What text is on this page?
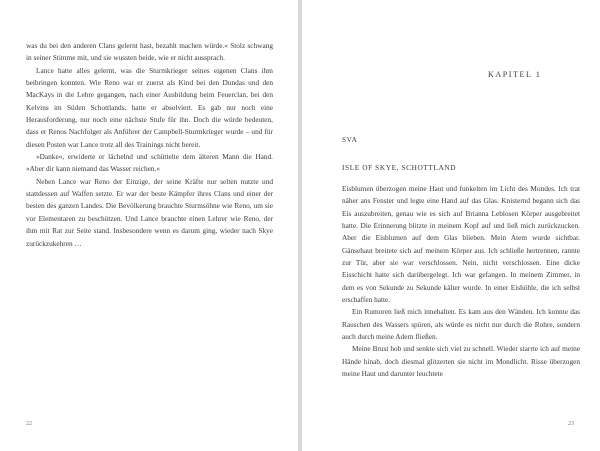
was du bei den anderen Clans gelernt hast, bezahlt machen würde.« Stolz schwang in seiner Stimme mit, und sie wussten beide, wie er nicht aussprach.

Lance hatte alles gelernt, was die Sturmkrieger seines eigenen Clans ihm beibringen konnten. Wie Reno war er zuerst als Kind bei den Dundas und den MacKays in die Lehre gegangen, nach einer Ausbildung beim Feuerclan, bei den Kelvins im Süden Schottlands, hatte er absolviert. Es gab nur noch eine Herausforderung, nur noch eine nächste Stufe für ihn. Doch die würde bedeuten, dass er Renos Nachfolger als Anführer der Campbell-Sturmkrieger wurde – und für diesen Posten war Lance trotz all des Trainings nicht bereit.

»Danke«, erwiderte er lächelnd und schüttelte dem älteren Mann die Hand. »Aber dir kann niemand das Wasser reichen.«

Neben Lance war Reno der Einzige, der seine Kräfte nur selten nutzte und stattdessen auf Waffen setzte. Er war der beste Kämpfer ihres Clans und einer der besten des ganzen Landes. Die Bevölkerung brauchte Sturmsöhne wie Reno, um sie vor Elementaren zu beschützen. Und Lance brauchte einen Lehrer wie Reno, der ihm mit Rat zur Seite stand. Insbesondere wenn es darum ging, wieder nach Skye zurückzukehren …

22
KAPITEL 1
SVA
ISLE OF SKYE, SCHOTTLAND

Eisblumen überzogen meine Haut und funkelten im Licht des Mondes. Ich trat näher ans Fenster und legte eine Hand auf das Glas. Knisternd begann sich das Eis auszubreiten, genau wie es sich auf Brianna Leblosen Körper ausgebreitet hatte. Die Erinnerung blitzte in meinem Kopf auf und ließ mich zurückzucken. Aber die Eisblumen auf dem Glas blieben. Mein Atem wurde sichtbar. Gänsehaut breitete sich auf meinem Körper aus. Ich schließe hertrennen, rannte zur Tür, aber sie war verschlossen. Nein, nicht verschlossen. Eine dicke Eisschicht hatte sich darübergelegt. Ich war gefangen. In meinem Zimmer, in dem es von Sekunde zu Sekunde kälter wurde. In einer Eishöhle, die ich selbst erschaffen hatte.

Ein Rumoren ließ mich innehalten. Es kam aus den Wänden. Ich konnte das Rauschen des Wassers spüren, als würde es nicht nur durch die Rohre, sondern auch durch meine Adern fließen.

Meine Brust hob und senkte sich viel zu schnell. Wieder starrte ich auf meine Hände hinab, doch diesmal glitzerten sie nicht im Mondlicht. Risse überzogen meine Haut und darunter leuchtete

23
